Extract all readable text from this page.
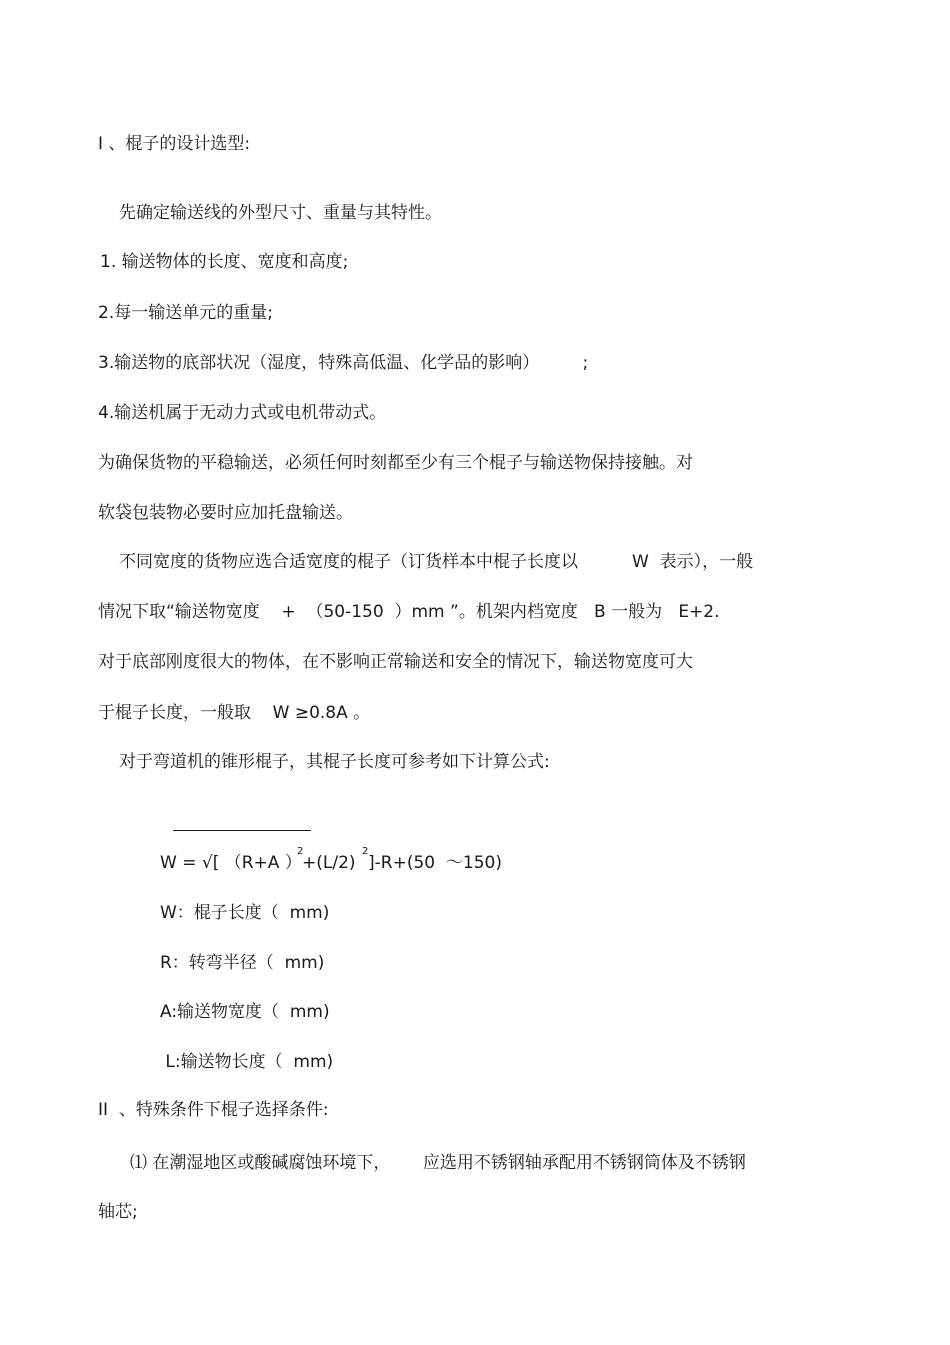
I 、棍子的设计选型:
先确定输送线的外型尺寸、重量与其特性。
1. 输送物体的长度、宽度和高度;
2.每一输送单元的重量;
3.输送物的底部状况（湿度，特殊高低温、化学品的影响）        ;
4.输送机属于无动力式或电机带动式。
为确保货物的平稳输送，必须任何时刻都至少有三个棍子与输送物保持接触。对
软袋包装物必要时应加托盘输送。
不同宽度的货物应选合适宽度的棍子（订货样本中棍子长度以          W  表示），一般
情况下取“输送物宽度    +  （50-150  ）mm ”。机架内档宽度   B 一般为   E+2.
对于底部刚度很大的物体，在不影响正常输送和安全的情况下，输送物宽度可大
于棍子长度，一般取    W ≥0.8A 。
对于弯道机的锥形棍子，其棍子长度可参考如下计算公式:
W = √[ （R+A ）
2
+(L/2)
2
]-R+(50  ～150)
W：棍子长度（  mm)
R：转弯半径（  mm)
A:输送物宽度（  mm)
L:输送物长度（  mm)
II  、特殊条件下棍子选择条件:
⑴ 在潮湿地区或酸碱腐蚀环境下，      应选用不锈钢轴承配用不锈钢筒体及不锈钢
轴芯;
